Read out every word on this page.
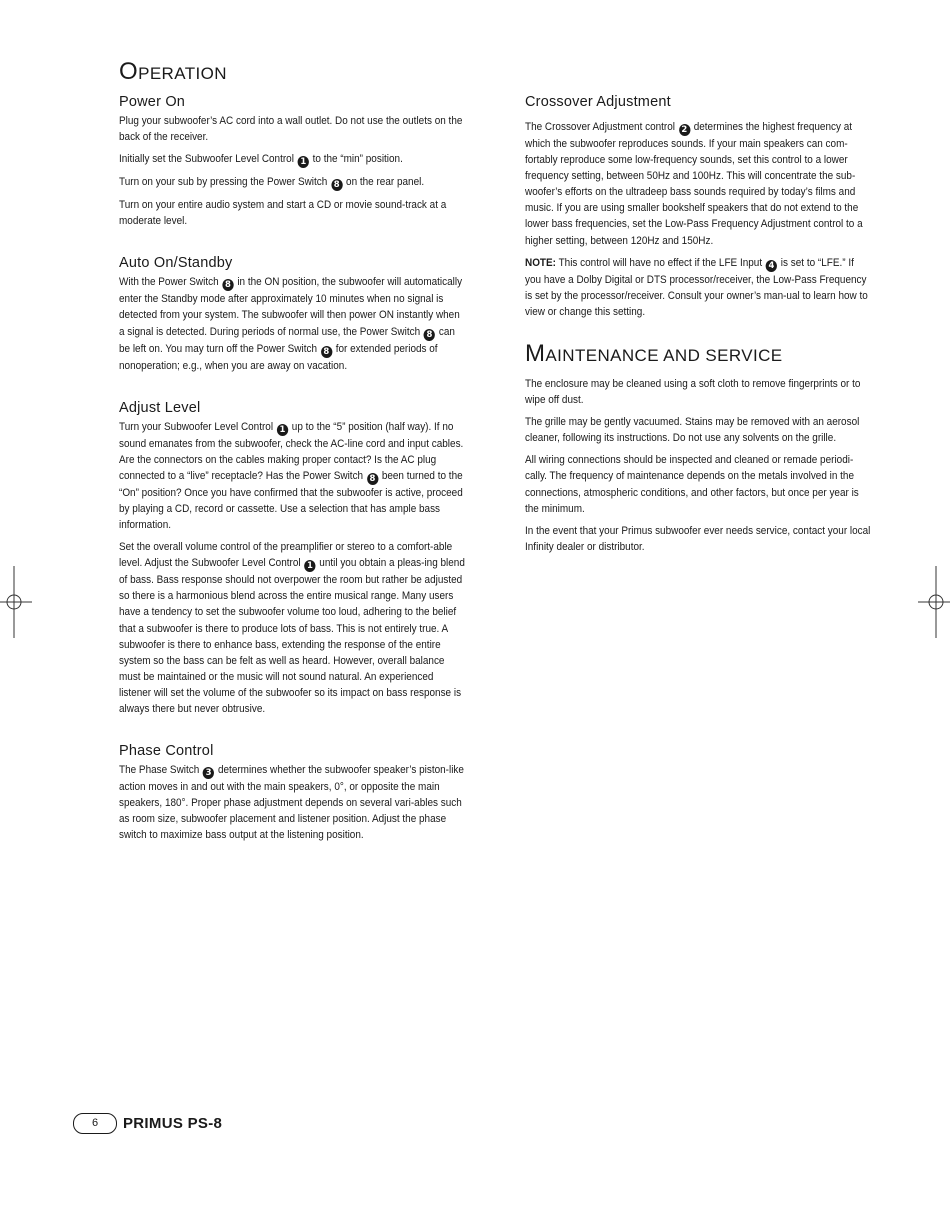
OPERATION
Power On

Plug your subwoofer’s AC cord into a wall outlet. Do not use the outlets on the back of the receiver.

Initially set the Subwoofer Level Control 1 to the “min” position.

Turn on your sub by pressing the Power Switch 8 on the rear panel.

Turn on your entire audio system and start a CD or movie sound-track at a moderate level.

Auto On/Standby

With the Power Switch 8 in the ON position, the subwoofer will automatically enter the Standby mode after approximately 10 minutes when no signal is detected from your system. The subwoofer will then power ON instantly when a signal is detected. During periods of normal use, the Power Switch 8 can be left on. You may turn off the Power Switch 8 for extended periods of nonoperation; e.g., when you are away on vacation.

Adjust Level

Turn your Subwoofer Level Control 1 up to the “5” position (half way). If no sound emanates from the subwoofer, check the AC-line cord and input cables. Are the connectors on the cables making proper contact? Is the AC plug connected to a “live” receptacle? Has the Power Switch 8 been turned to the “On” position? Once you have confirmed that the subwoofer is active, proceed by playing a CD, record or cassette. Use a selection that has ample bass information.

Set the overall volume control of the preamplifier or stereo to a comfort-able level. Adjust the Subwoofer Level Control 1 until you obtain a pleas-ing blend of bass. Bass response should not overpower the room but rather be adjusted so there is a harmonious blend across the entire musical range. Many users have a tendency to set the subwoofer volume too loud, adhering to the belief that a subwoofer is there to produce lots of bass. This is not entirely true. A subwoofer is there to enhance bass, extending the response of the entire system so the bass can be felt as well as heard. However, overall balance must be maintained or the music will not sound natural. An experienced listener will set the volume of the subwoofer so its impact on bass response is always there but never obtrusive.

Phase Control

The Phase Switch 3 determines whether the subwoofer speaker’s piston-like action moves in and out with the main speakers, 0°, or opposite the main speakers, 180°. Proper phase adjustment depends on several vari-ables such as room size, subwoofer placement and listener position. Adjust the phase switch to maximize bass output at the listening position.

Crossover Adjustment

The Crossover Adjustment control 2 determines the highest frequency at which the subwoofer reproduces sounds. If your main speakers can com-fortably reproduce some low-frequency sounds, set this control to a lower frequency setting, between 50Hz and 100Hz. This will concentrate the sub-woofer’s efforts on the ultradeep bass sounds required by today’s films and music. If you are using smaller bookshelf speakers that do not extend to the lower bass frequencies, set the Low-Pass Frequency Adjustment control to a higher setting, between 120Hz and 150Hz.

NOTE: This control will have no effect if the LFE Input 4 is set to “LFE.” If you have a Dolby Digital or DTS processor/receiver, the Low-Pass Frequency is set by the processor/receiver. Consult your owner’s man-ual to learn how to view or change this setting.

MAINTENANCE AND SERVICE

The enclosure may be cleaned using a soft cloth to remove fingerprints or to wipe off dust.

The grille may be gently vacuumed. Stains may be removed with an aerosol cleaner, following its instructions. Do not use any solvents on the grille.

All wiring connections should be inspected and cleaned or remade periodi-cally. The frequency of maintenance depends on the metals involved in the connections, atmospheric conditions, and other factors, but once per year is the minimum.

In the event that your Primus subwoofer ever needs service, contact your local Infinity dealer or distributor.

6	PRIMUS PS-8
